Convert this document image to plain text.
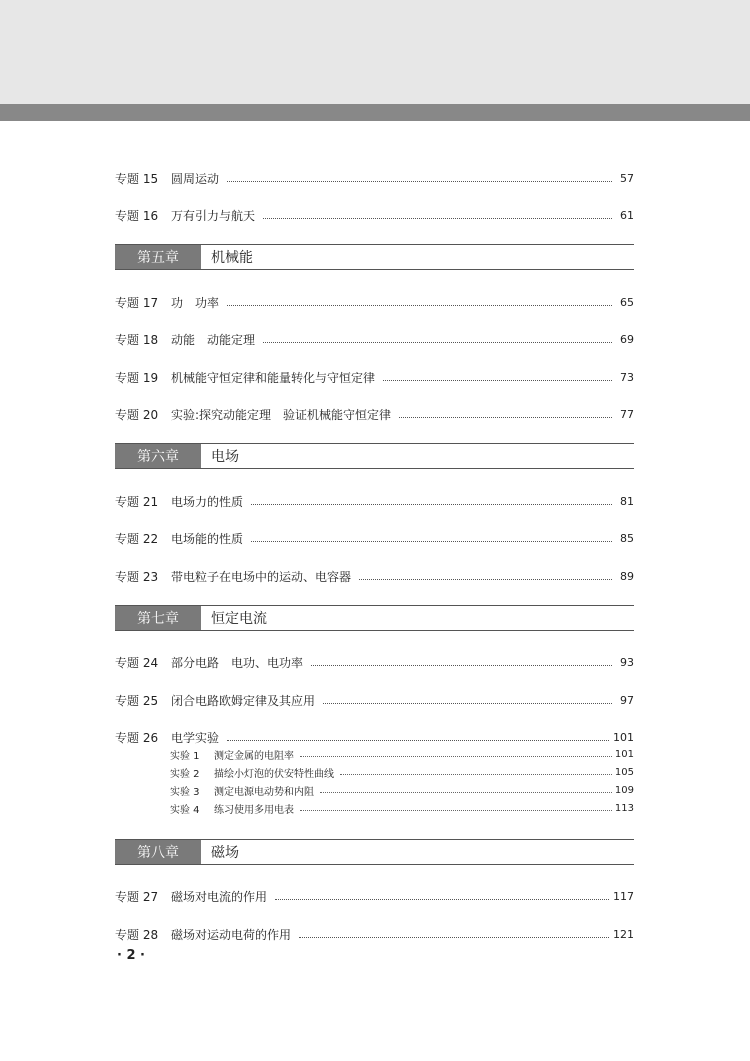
专题 15	圆周运动	57
专题 16	万有引力与航天	61
第五章	机械能
专题 17	功　功率	65
专题 18	动能　动能定理	69
专题 19	机械能守恒定律和能量转化与守恒定律	73
专题 20	实验:探究动能定理　验证机械能守恒定律	77
第六章	电场
专题 21	电场力的性质	81
专题 22	电场能的性质	85
专题 23	带电粒子在电场中的运动、电容器	89
第七章	恒定电流
专题 24	部分电路　电功、电功率	93
专题 25	闭合电路欧姆定律及其应用	97
专题 26	电学实验	101
实验 1	测定金属的电阻率	101
实验 2	描绘小灯泡的伏安特性曲线	105
实验 3	测定电源电动势和内阻	109
实验 4	练习使用多用电表	113
第八章	磁场
专题 27	磁场对电流的作用	117
专题 28	磁场对运动电荷的作用	121
· 2 ·
